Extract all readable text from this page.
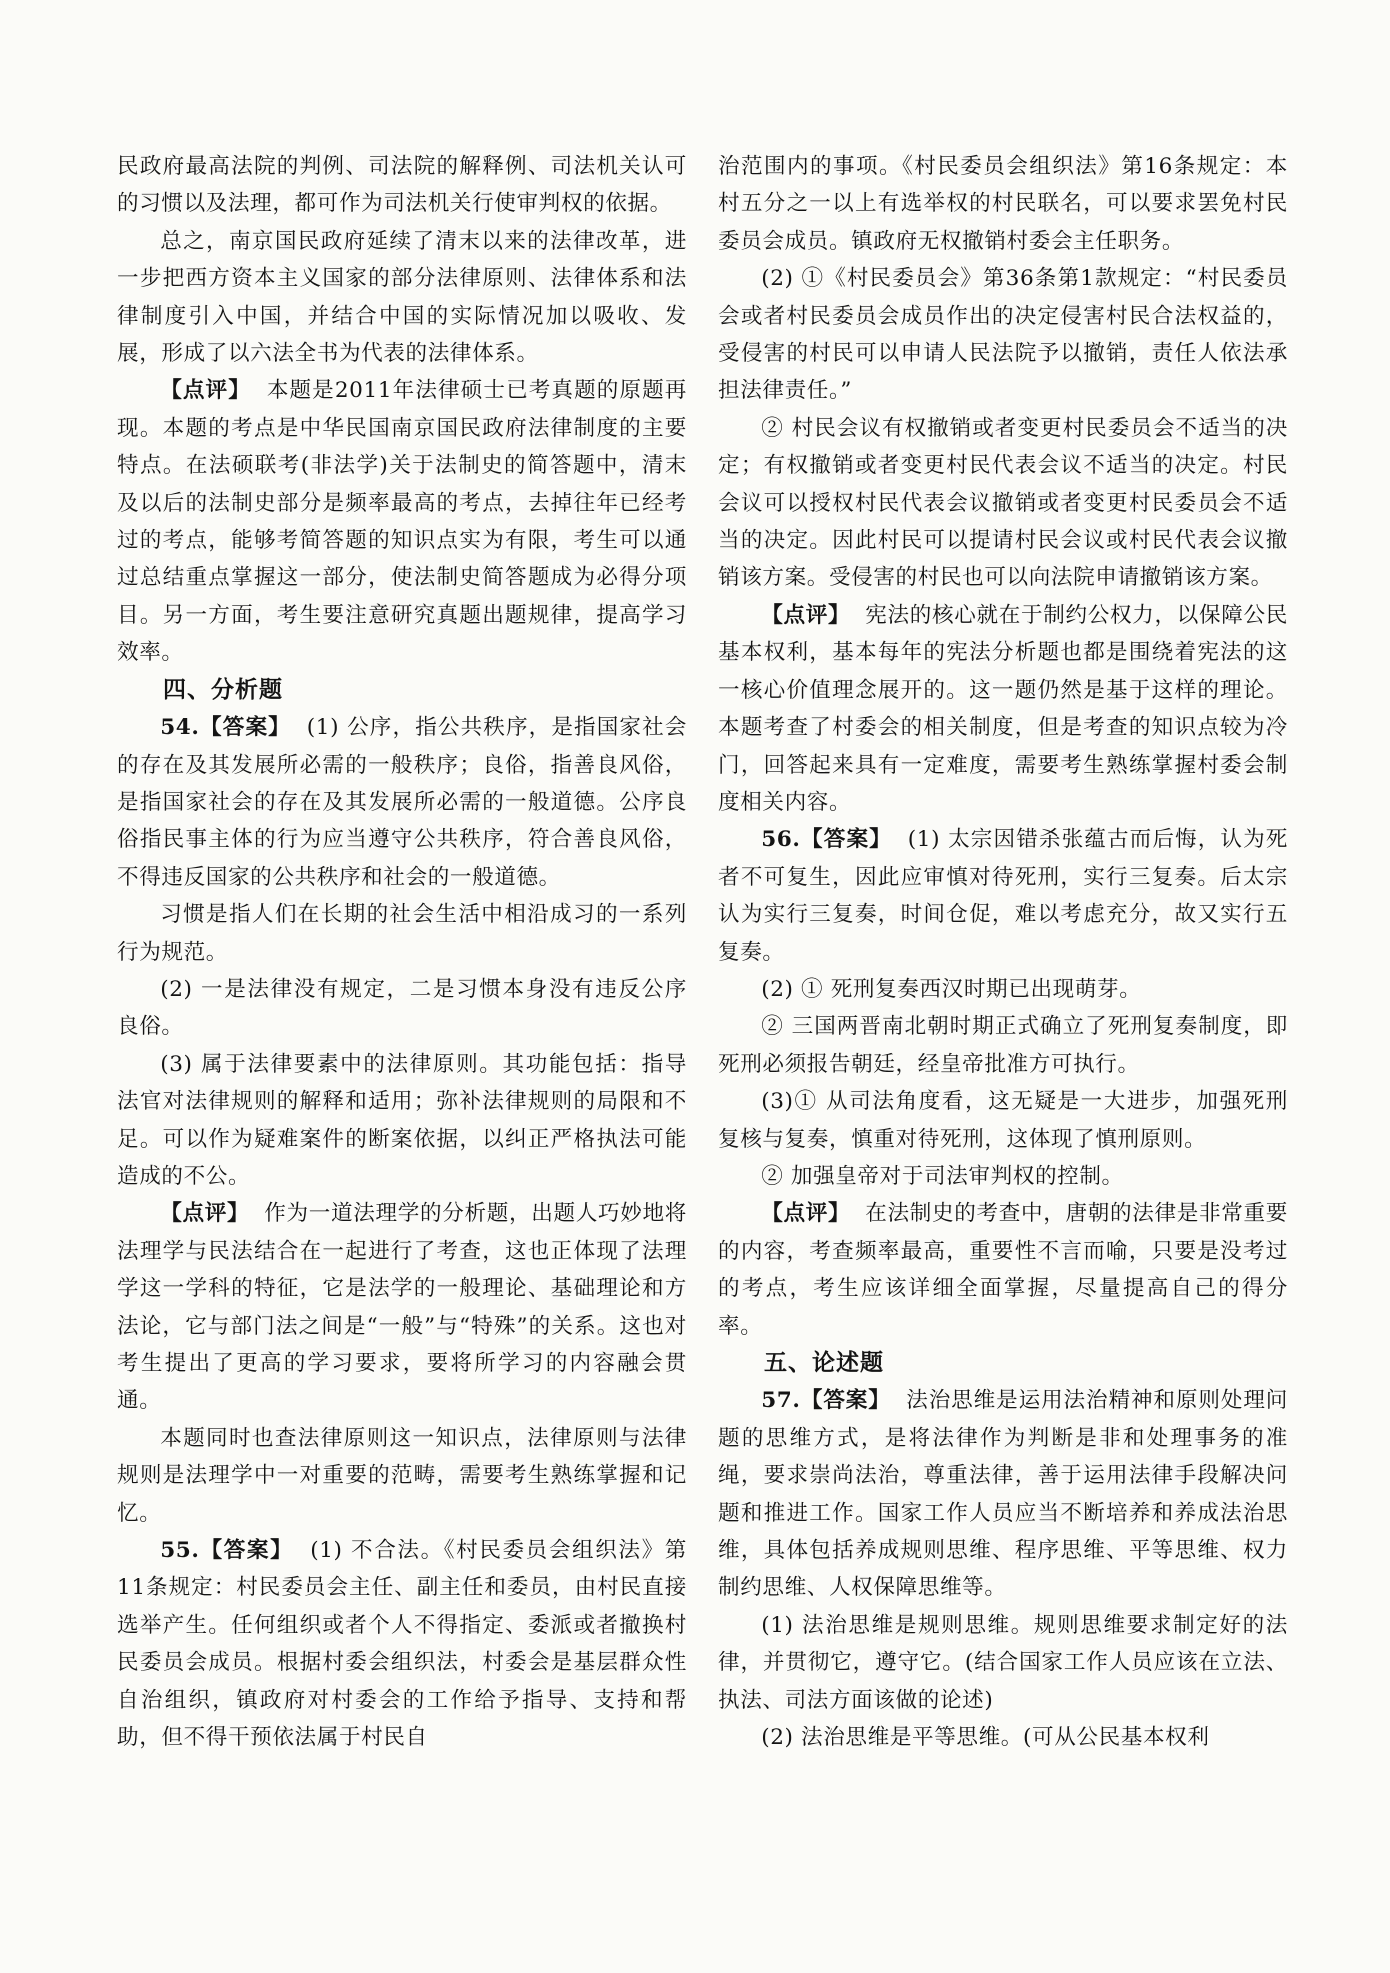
民政府最高法院的判例、司法院的解释例、司法机关认可的习惯以及法理，都可作为司法机关行使审判权的依据。

总之，南京国民政府延续了清末以来的法律改革，进一步把西方资本主义国家的部分法律原则、法律体系和法律制度引入中国，并结合中国的实际情况加以吸收、发展，形成了以六法全书为代表的法律体系。

【点评】 本题是2011年法律硕士已考真题的原题再现。本题的考点是中华民国南京国民政府法律制度的主要特点。在法硕联考(非法学)关于法制史的简答题中，清末及以后的法制史部分是频率最高的考点，去掉往年已经考过的考点，能够考简答题的知识点实为有限，考生可以通过总结重点掌握这一部分，使法制史简答题成为必得分项目。另一方面，考生要注意研究真题出题规律，提高学习效率。

四、分析题

54.【答案】 (1) 公序，指公共秩序，是指国家社会的存在及其发展所必需的一般秩序；良俗，指善良风俗，是指国家社会的存在及其发展所必需的一般道德。公序良俗指民事主体的行为应当遵守公共秩序，符合善良风俗，不得违反国家的公共秩序和社会的一般道德。

习惯是指人们在长期的社会生活中相沿成习的一系列行为规范。

(2) 一是法律没有规定，二是习惯本身没有违反公序良俗。

(3) 属于法律要素中的法律原则。其功能包括：指导法官对法律规则的解释和适用；弥补法律规则的局限和不足。可以作为疑难案件的断案依据，以纠正严格执法可能造成的不公。

【点评】 作为一道法理学的分析题，出题人巧妙地将法理学与民法结合在一起进行了考查，这也正体现了法理学这一学科的特征，它是法学的一般理论、基础理论和方法论，它与部门法之间是“一般”与“特殊”的关系。这也对考生提出了更高的学习要求，要将所学习的内容融会贯通。

本题同时也查法律原则这一知识点，法律原则与法律规则是法理学中一对重要的范畴，需要考生熟练掌握和记忆。

55.【答案】 (1) 不合法。《村民委员会组织法》第11条规定：村民委员会主任、副主任和委员，由村民直接选举产生。任何组织或者个人不得指定、委派或者撤换村民委员会成员。根据村委会组织法，村委会是基层群众性自治组织，镇政府对村委会的工作给予指导、支持和帮助，但不得干预依法属于村民自

治范围内的事项。《村民委员会组织法》第16条规定：本村五分之一以上有选举权的村民联名，可以要求罢免村民委员会成员。镇政府无权撤销村委会主任职务。

(2) ①《村民委员会》第36条第1款规定：“村民委员会或者村民委员会成员作出的决定侵害村民合法权益的，受侵害的村民可以申请人民法院予以撤销，责任人依法承担法律责任。”

② 村民会议有权撤销或者变更村民委员会不适当的决定；有权撤销或者变更村民代表会议不适当的决定。村民会议可以授权村民代表会议撤销或者变更村民委员会不适当的决定。因此村民可以提请村民会议或村民代表会议撤销该方案。受侵害的村民也可以向法院申请撤销该方案。

【点评】 宪法的核心就在于制约公权力，以保障公民基本权利，基本每年的宪法分析题也都是围绕着宪法的这一核心价值理念展开的。这一题仍然是基于这样的理论。本题考查了村委会的相关制度，但是考查的知识点较为冷门，回答起来具有一定难度，需要考生熟练掌握村委会制度相关内容。

56.【答案】 (1) 太宗因错杀张蕴古而后悔，认为死者不可复生，因此应审慎对待死刑，实行三复奏。后太宗认为实行三复奏，时间仓促，难以考虑充分，故又实行五复奏。

(2) ① 死刑复奏西汉时期已出现萌芽。

② 三国两晋南北朝时期正式确立了死刑复奏制度，即死刑必须报告朝廷，经皇帝批准方可执行。

(3)① 从司法角度看，这无疑是一大进步，加强死刑复核与复奏，慎重对待死刑，这体现了慎刑原则。

② 加强皇帝对于司法审判权的控制。

【点评】 在法制史的考查中，唐朝的法律是非常重要的内容，考查频率最高，重要性不言而喻，只要是没考过的考点，考生应该详细全面掌握，尽量提高自己的得分率。

五、论述题

57.【答案】 法治思维是运用法治精神和原则处理问题的思维方式，是将法律作为判断是非和处理事务的准绳，要求崇尚法治，尊重法律，善于运用法律手段解决问题和推进工作。国家工作人员应当不断培养和养成法治思维，具体包括养成规则思维、程序思维、平等思维、权力制约思维、人权保障思维等。

(1) 法治思维是规则思维。规则思维要求制定好的法律，并贯彻它，遵守它。(结合国家工作人员应该在立法、执法、司法方面该做的论述)

(2) 法治思维是平等思维。(可从公民基本权利
